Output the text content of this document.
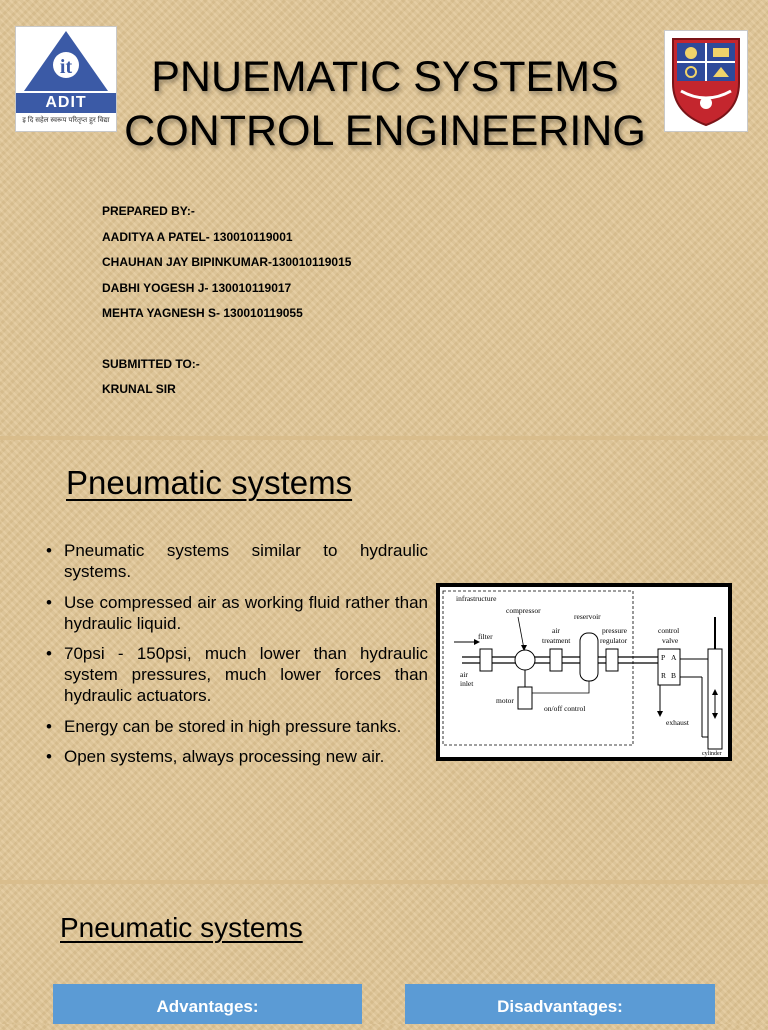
it
ADIT
इ दि सहेल स्वरूप परितृप्त हुर विद्या
PNUEMATIC SYSTEMS
CONTROL ENGINEERING
PREPARED BY:-
AADITYA A PATEL- 130010119001
CHAUHAN JAY BIPINKUMAR-130010119015
DABHI YOGESH J- 130010119017
MEHTA YAGNESH S- 130010119055
SUBMITTED TO:-
KRUNAL SIR
Pneumatic systems
• Pneumatic systems similar to hydraulic systems.
• Use compressed air as working fluid rather than hydraulic liquid.
• 70psi - 150psi, much lower than hydraulic system pressures, much lower forces than hydraulic actuators.
• Energy can be stored in high pressure tanks.
• Open systems, always processing new air.
infrastructure
compressor
reservoir
air
treatment
pressure
regulator
control
valve
filter
air
inlet
motor
on/off control
exhaust
cylinder
P A
R B
Pneumatic systems
Advantages:	Disadvantages:
